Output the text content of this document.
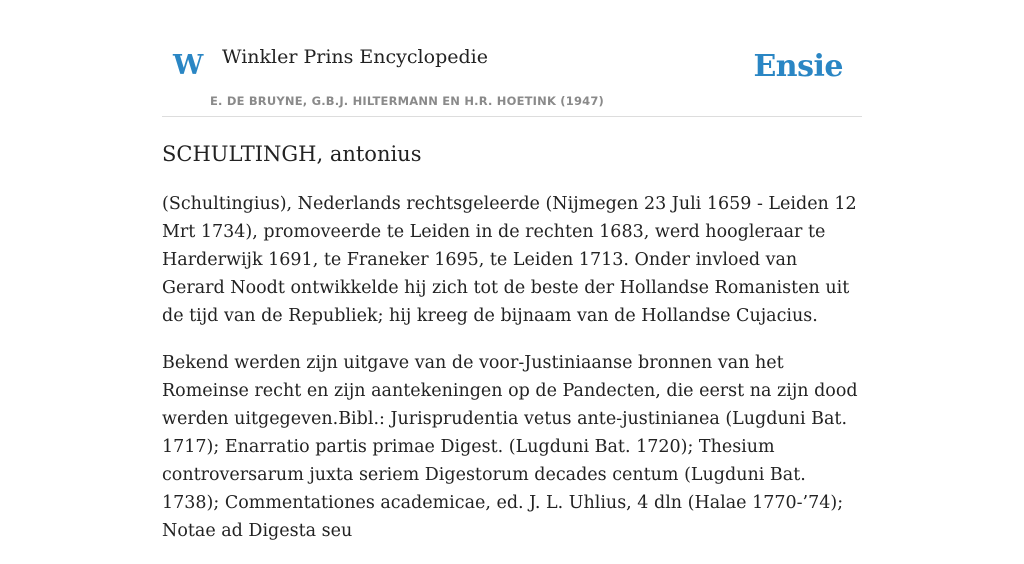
W Winkler Prins Encyclopedie
E. DE BRUYNE, G.B.J. HILTERMANN EN H.R. HOETINK (1947)
Ensie
SCHULTINGH, antonius

(Schultingius), Nederlands rechtsgeleerde (Nijmegen 23 Juli 1659 - Leiden 12 Mrt 1734), promoveerde te Leiden in de rechten 1683, werd hoogleraar te Harderwijk 1691, te Franeker 1695, te Leiden 1713. Onder invloed van Gerard Noodt ontwikkelde hij zich tot de beste der Hollandse Romanisten uit de tijd van de Republiek; hij kreeg de bijnaam van de Hollandse Cujacius.

Bekend werden zijn uitgave van de voor-Justiniaanse bronnen van het Romeinse recht en zijn aantekeningen op de Pandecten, die eerst na zijn dood werden uitgegeven.Bibl.: Jurisprudentia vetus ante-justinianea (Lugduni Bat. 1717); Enarratio partis primae Digest. (Lugduni Bat. 1720); Thesium controversarum juxta seriem Digestorum decades centum (Lugduni Bat. 1738); Commentationes academicae, ed. J. L. Uhlius, 4 dln (Halae 1770-’74); Notae ad Digesta seu
